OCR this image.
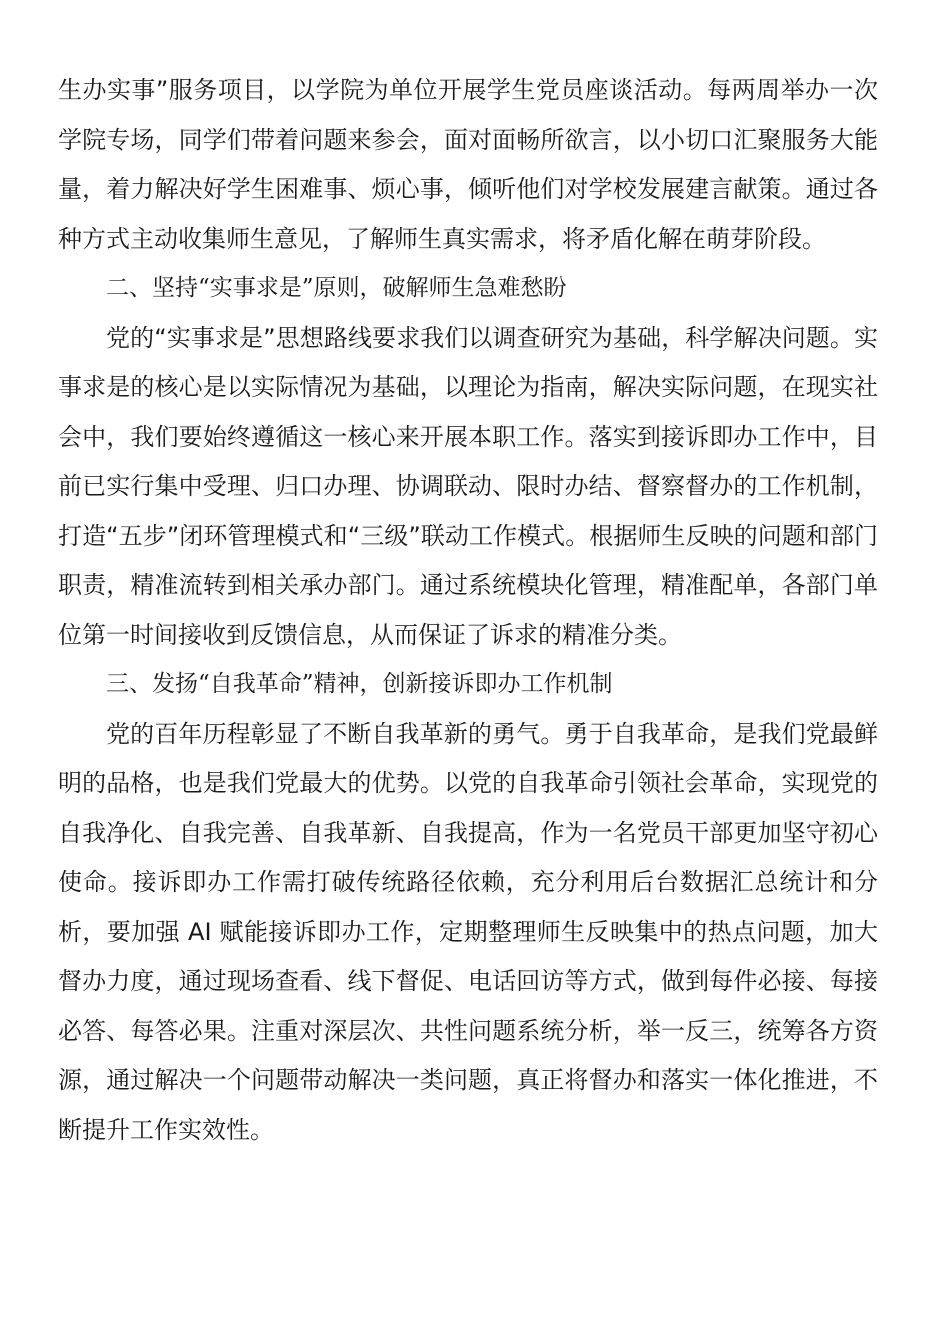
生办实事”服务项目，以学院为单位开展学生党员座谈活动。每两周举办一次学院专场，同学们带着问题来参会，面对面畅所欲言，以小切口汇聚服务大能量，着力解决好学生困难事、烦心事，倾听他们对学校发展建言献策。通过各种方式主动收集师生意见，了解师生真实需求，将矛盾化解在萌芽阶段。

二、坚持“实事求是”原则，破解师生急难愁盼

党的“实事求是”思想路线要求我们以调查研究为基础，科学解决问题。实事求是的核心是以实际情况为基础，以理论为指南，解决实际问题，在现实社会中，我们要始终遵循这一核心来开展本职工作。落实到接诉即办工作中，目前已实行集中受理、归口办理、协调联动、限时办结、督察督办的工作机制，打造“五步”闭环管理模式和“三级”联动工作模式。根据师生反映的问题和部门职责，精准流转到相关承办部门。通过系统模块化管理，精准配单，各部门单位第一时间接收到反馈信息，从而保证了诉求的精准分类。

三、发扬“自我革命”精神，创新接诉即办工作机制

党的百年历程彰显了不断自我革新的勇气。勇于自我革命，是我们党最鲜明的品格，也是我们党最大的优势。以党的自我革命引领社会革命，实现党的自我净化、自我完善、自我革新、自我提高，作为一名党员干部更加坚守初心使命。接诉即办工作需打破传统路径依赖，充分利用后台数据汇总统计和分析，要加强 AI 赋能接诉即办工作，定期整理师生反映集中的热点问题，加大督办力度，通过现场查看、线下督促、电话回访等方式，做到每件必接、每接必答、每答必果。注重对深层次、共性问题系统分析，举一反三，统筹各方资源，通过解决一个问题带动解决一类问题，真正将督办和落实一体化推进，不断提升工作实效性。
